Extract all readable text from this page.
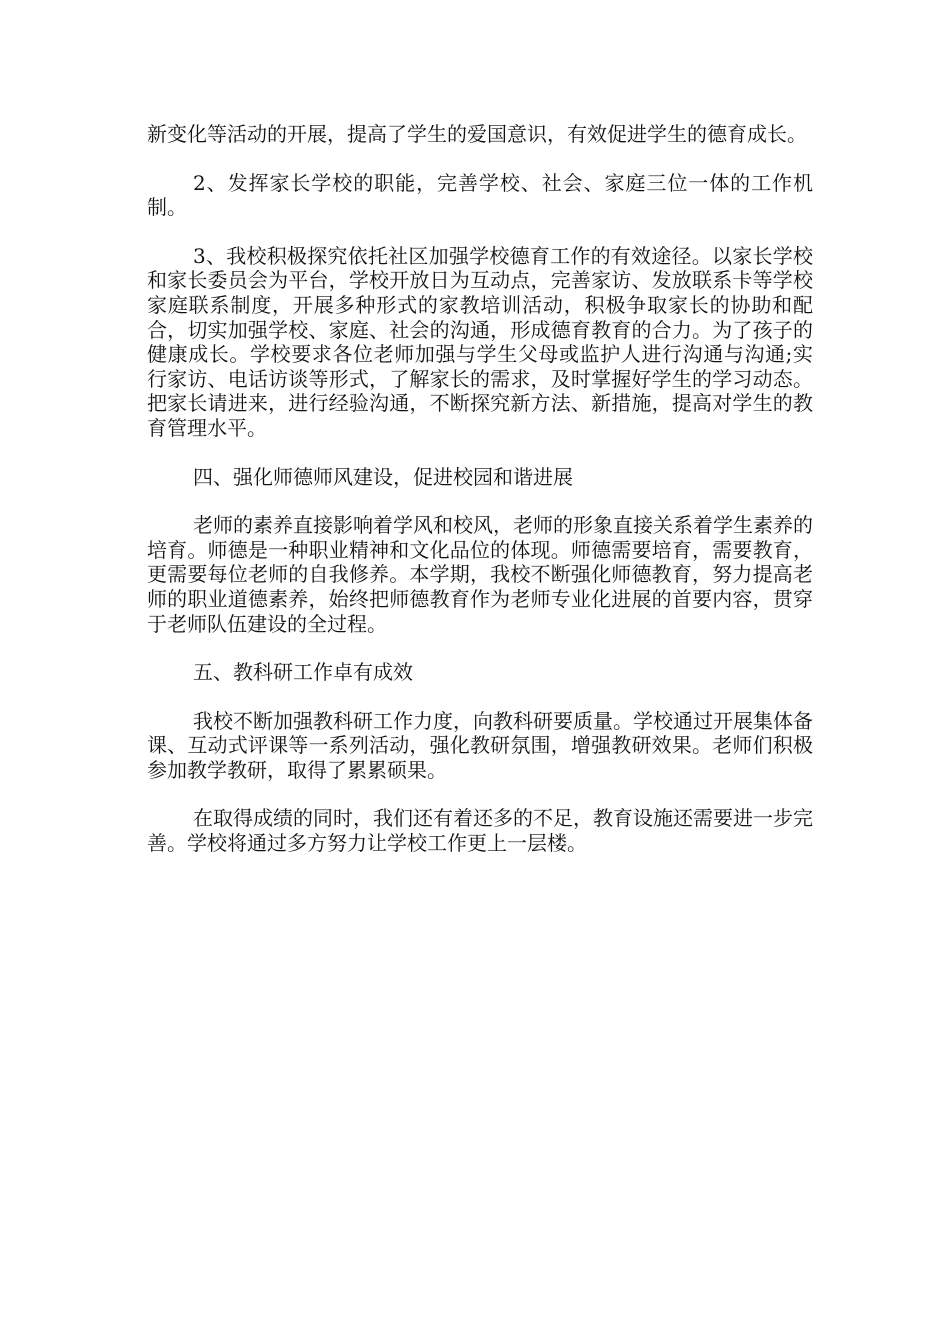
新变化等活动的开展，提高了学生的爱国意识，有效促进学生的德育成长。

2、发挥家长学校的职能，完善学校、社会、家庭三位一体的工作机制。

3、我校积极探究依托社区加强学校德育工作的有效途径。以家长学校和家长委员会为平台，学校开放日为互动点，完善家访、发放联系卡等学校家庭联系制度，开展多种形式的家教培训活动，积极争取家长的协助和配合，切实加强学校、家庭、社会的沟通，形成德育教育的合力。为了孩子的健康成长。学校要求各位老师加强与学生父母或监护人进行沟通与沟通;实行家访、电话访谈等形式，了解家长的需求，及时掌握好学生的学习动态。把家长请进来，进行经验沟通，不断探究新方法、新措施，提高对学生的教育管理水平。

四、强化师德师风建设，促进校园和谐进展

老师的素养直接影响着学风和校风，老师的形象直接关系着学生素养的培育。师德是一种职业精神和文化品位的体现。师德需要培育，需要教育，更需要每位老师的自我修养。本学期，我校不断强化师德教育，努力提高老师的职业道德素养，始终把师德教育作为老师专业化进展的首要内容，贯穿于老师队伍建设的全过程。

五、教科研工作卓有成效

我校不断加强教科研工作力度，向教科研要质量。学校通过开展集体备课、互动式评课等一系列活动，强化教研氛围，增强教研效果。老师们积极参加教学教研，取得了累累硕果。

在取得成绩的同时，我们还有着还多的不足，教育设施还需要进一步完善。学校将通过多方努力让学校工作更上一层楼。
